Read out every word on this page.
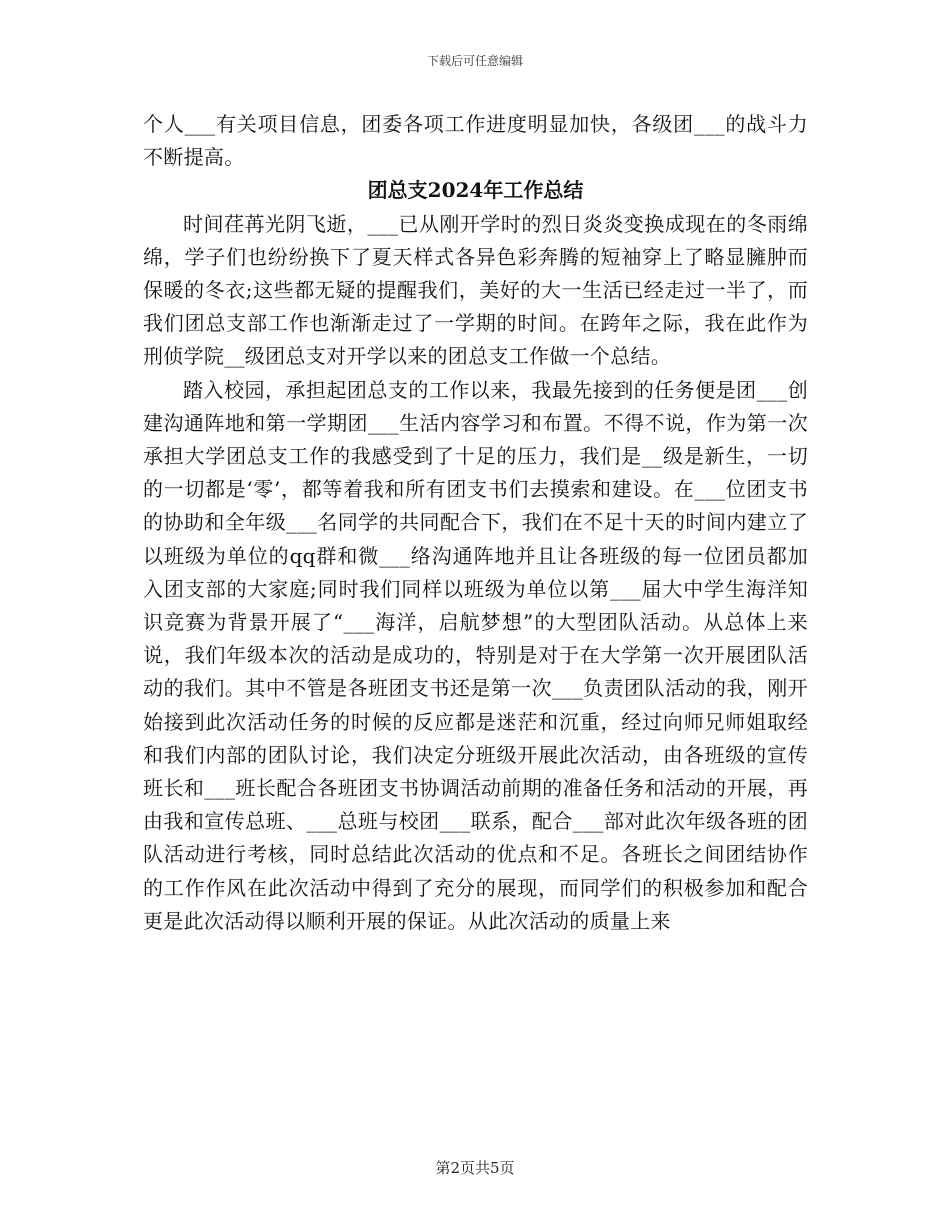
下载后可任意编辑

个人___有关项目信息，团委各项工作进度明显加快，各级团___的战斗力不断提高。

团总支2024年工作总结

时间荏苒光阴飞逝，___已从刚开学时的烈日炎炎变换成现在的冬雨绵绵，学子们也纷纷换下了夏天样式各异色彩奔腾的短袖穿上了略显臃肿而保暖的冬衣;这些都无疑的提醒我们，美好的大一生活已经走过一半了，而我们团总支部工作也渐渐走过了一学期的时间。在跨年之际，我在此作为刑侦学院__级团总支对开学以来的团总支工作做一个总结。

踏入校园，承担起团总支的工作以来，我最先接到的任务便是团___创建沟通阵地和第一学期团___生活内容学习和布置。不得不说，作为第一次承担大学团总支工作的我感受到了十足的压力，我们是__级是新生，一切的一切都是‘零’，都等着我和所有团支书们去摸索和建设。在___位团支书的协助和全年级___名同学的共同配合下，我们在不足十天的时间内建立了以班级为单位的qq群和微___络沟通阵地并且让各班级的每一位团员都加入团支部的大家庭;同时我们同样以班级为单位以第___届大中学生海洋知识竞赛为背景开展了“___海洋，启航梦想”的大型团队活动。从总体上来说，我们年级本次的活动是成功的，特别是对于在大学第一次开展团队活动的我们。其中不管是各班团支书还是第一次___负责团队活动的我，刚开始接到此次活动任务的时候的反应都是迷茫和沉重，经过向师兄师姐取经和我们内部的团队讨论，我们决定分班级开展此次活动，由各班级的宣传班长和___班长配合各班团支书协调活动前期的准备任务和活动的开展，再由我和宣传总班、___总班与校团___联系，配合___部对此次年级各班的团队活动进行考核，同时总结此次活动的优点和不足。各班长之间团结协作的工作作风在此次活动中得到了充分的展现，而同学们的积极参加和配合更是此次活动得以顺利开展的保证。从此次活动的质量上来

第2页共5页
